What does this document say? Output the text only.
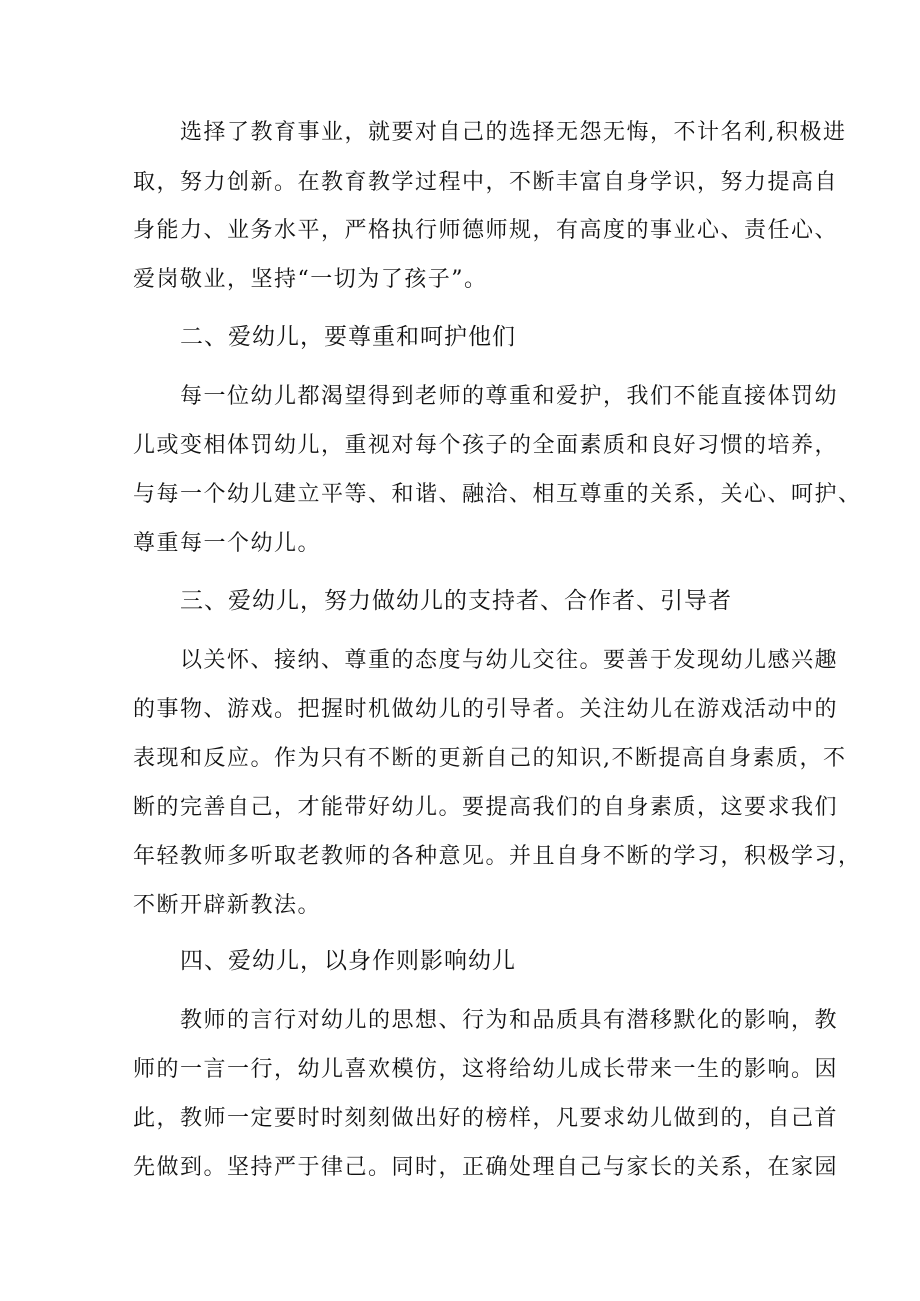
选择了教育事业，就要对自己的选择无怨无悔，不计名利,积极进
取，努力创新。在教育教学过程中，不断丰富自身学识，努力提高自
身能力、业务水平，严格执行师德师规，有高度的事业心、责任心、
爱岗敬业，坚持“一切为了孩子”。
二、爱幼儿，要尊重和呵护他们
每一位幼儿都渴望得到老师的尊重和爱护，我们不能直接体罚幼
儿或变相体罚幼儿，重视对每个孩子的全面素质和良好习惯的培养，
与每一个幼儿建立平等、和谐、融洽、相互尊重的关系，关心、呵护、
尊重每一个幼儿。
三、爱幼儿，努力做幼儿的支持者、合作者、引导者
以关怀、接纳、尊重的态度与幼儿交往。要善于发现幼儿感兴趣
的事物、游戏。把握时机做幼儿的引导者。关注幼儿在游戏活动中的
表现和反应。作为只有不断的更新自己的知识,不断提高自身素质，不
断的完善自己，才能带好幼儿。要提高我们的自身素质，这要求我们
年轻教师多听取老教师的各种意见。并且自身不断的学习，积极学习，
不断开辟新教法。
四、爱幼儿，以身作则影响幼儿
教师的言行对幼儿的思想、行为和品质具有潜移默化的影响，教
师的一言一行，幼儿喜欢模仿，这将给幼儿成长带来一生的影响。因
此，教师一定要时时刻刻做出好的榜样，凡要求幼儿做到的，自己首
先做到。坚持严于律己。同时，正确处理自己与家长的关系，在家园
